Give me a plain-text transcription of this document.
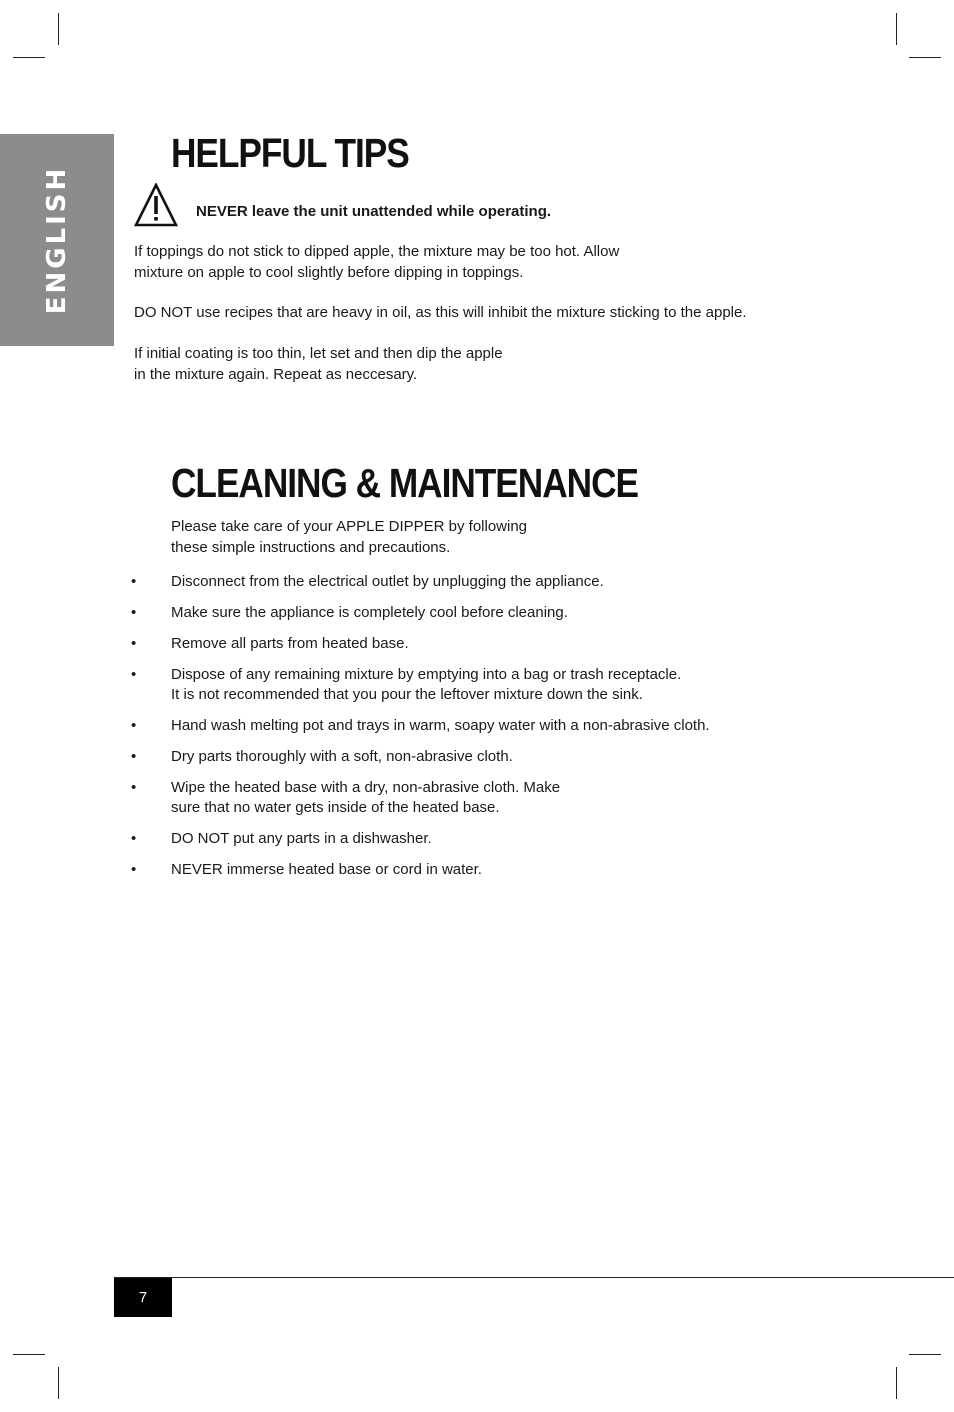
ENGLISH
HELPFUL TIPS
NEVER leave the unit unattended while operating.

If toppings do not stick to dipped apple, the mixture may be too hot. Allow
mixture on apple to cool slightly before dipping in toppings.

DO NOT use recipes that are heavy in oil, as this will inhibit the mixture sticking to the apple.

If initial coating is too thin, let set and then dip the apple
in the mixture again. Repeat as neccesary.

CLEANING & MAINTENANCE

Please take care of your APPLE DIPPER by following
these simple instructions and precautions.

• Disconnect from the electrical outlet by unplugging the appliance.
• Make sure the appliance is completely cool before cleaning.
• Remove all parts from heated base.
• Dispose of any remaining mixture by emptying into a bag or trash receptacle.
It is not recommended that you pour the leftover mixture down the sink.
• Hand wash melting pot and trays in warm, soapy water with a non-abrasive cloth.
• Dry parts thoroughly with a soft, non-abrasive cloth.
• Wipe the heated base with a dry, non-abrasive cloth. Make
sure that no water gets inside of the heated base.
• DO NOT put any parts in a dishwasher.
• NEVER immerse heated base or cord in water.
7
